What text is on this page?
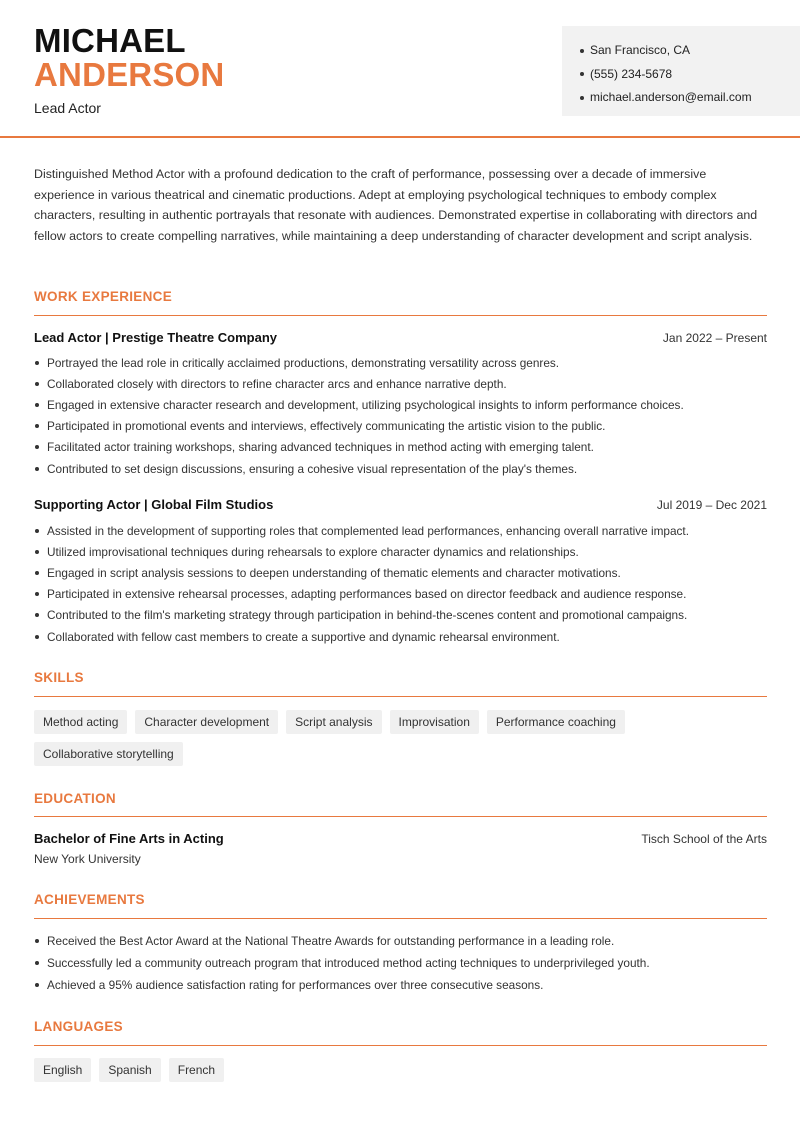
MICHAEL
ANDERSON
Lead Actor
San Francisco, CA
(555) 234-5678
michael.anderson@email.com
Distinguished Method Actor with a profound dedication to the craft of performance, possessing over a decade of immersive experience in various theatrical and cinematic productions. Adept at employing psychological techniques to embody complex characters, resulting in authentic portrayals that resonate with audiences. Demonstrated expertise in collaborating with directors and fellow actors to create compelling narratives, while maintaining a deep understanding of character development and script analysis.
WORK EXPERIENCE
Lead Actor | Prestige Theatre Company	Jan 2022 – Present
Portrayed the lead role in critically acclaimed productions, demonstrating versatility across genres.
Collaborated closely with directors to refine character arcs and enhance narrative depth.
Engaged in extensive character research and development, utilizing psychological insights to inform performance choices.
Participated in promotional events and interviews, effectively communicating the artistic vision to the public.
Facilitated actor training workshops, sharing advanced techniques in method acting with emerging talent.
Contributed to set design discussions, ensuring a cohesive visual representation of the play's themes.
Supporting Actor | Global Film Studios	Jul 2019 – Dec 2021
Assisted in the development of supporting roles that complemented lead performances, enhancing overall narrative impact.
Utilized improvisational techniques during rehearsals to explore character dynamics and relationships.
Engaged in script analysis sessions to deepen understanding of thematic elements and character motivations.
Participated in extensive rehearsal processes, adapting performances based on director feedback and audience response.
Contributed to the film's marketing strategy through participation in behind-the-scenes content and promotional campaigns.
Collaborated with fellow cast members to create a supportive and dynamic rehearsal environment.
SKILLS
Method acting	Character development	Script analysis	Improvisation	Performance coaching
Collaborative storytelling
EDUCATION
Bachelor of Fine Arts in Acting	Tisch School of the Arts
New York University
ACHIEVEMENTS
Received the Best Actor Award at the National Theatre Awards for outstanding performance in a leading role.
Successfully led a community outreach program that introduced method acting techniques to underprivileged youth.
Achieved a 95% audience satisfaction rating for performances over three consecutive seasons.
LANGUAGES
English	Spanish	French
